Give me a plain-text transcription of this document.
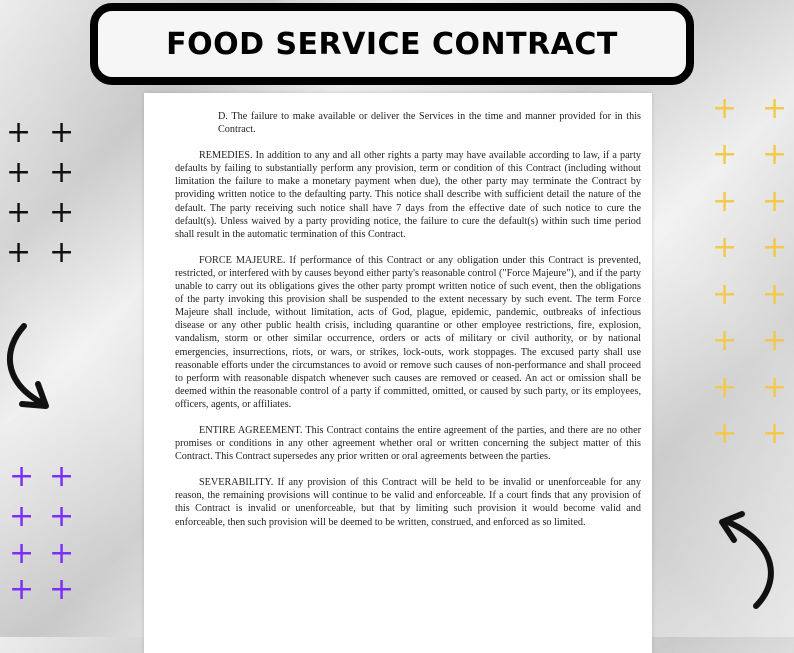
FOOD SERVICE CONTRACT

D. The failure to make available or deliver the Services in the time and manner provided for in this Contract.

REMEDIES. In addition to any and all other rights a party may have available according to law, if a party defaults by failing to substantially perform any provision, term or condition of this Contract (including without limitation the failure to make a monetary payment when due), the other party may terminate the Contract by providing written notice to the defaulting party. This notice shall describe with sufficient detail the nature of the default. The party receiving such notice shall have 7 days from the effective date of such notice to cure the default(s). Unless waived by a party providing notice, the failure to cure the default(s) within such time period shall result in the automatic termination of this Contract.

FORCE MAJEURE. If performance of this Contract or any obligation under this Contract is prevented, restricted, or interfered with by causes beyond either party's reasonable control ("Force Majeure"), and if the party unable to carry out its obligations gives the other party prompt written notice of such event, then the obligations of the party invoking this provision shall be suspended to the extent necessary by such event. The term Force Majeure shall include, without limitation, acts of God, plague, epidemic, pandemic, outbreaks of infectious disease or any other public health crisis, including quarantine or other employee restrictions, fire, explosion, vandalism, storm or other similar occurrence, orders or acts of military or civil authority, or by national emergencies, insurrections, riots, or wars, or strikes, lock-outs, work stoppages. The excused party shall use reasonable efforts under the circumstances to avoid or remove such causes of non-performance and shall proceed to perform with reasonable dispatch whenever such causes are removed or ceased. An act or omission shall be deemed within the reasonable control of a party if committed, omitted, or caused by such party, or its employees, officers, agents, or affiliates.

ENTIRE AGREEMENT. This Contract contains the entire agreement of the parties, and there are no other promises or conditions in any other agreement whether oral or written concerning the subject matter of this Contract. This Contract supersedes any prior written or oral agreements between the parties.

SEVERABILITY. If any provision of this Contract will be held to be invalid or unenforceable for any reason, the remaining provisions will continue to be valid and enforceable. If a court finds that any provision of this Contract is invalid or unenforceable, but that by limiting such provision it would become valid and enforceable, then such provision will be deemed to be written, construed, and enforced as so limited.

+ +
+ +
+ +
+ +
+ +
+ +
+ +
+ +
+ +
+ +
+ +
+ +
+ +
+ +
+ +
+ +
